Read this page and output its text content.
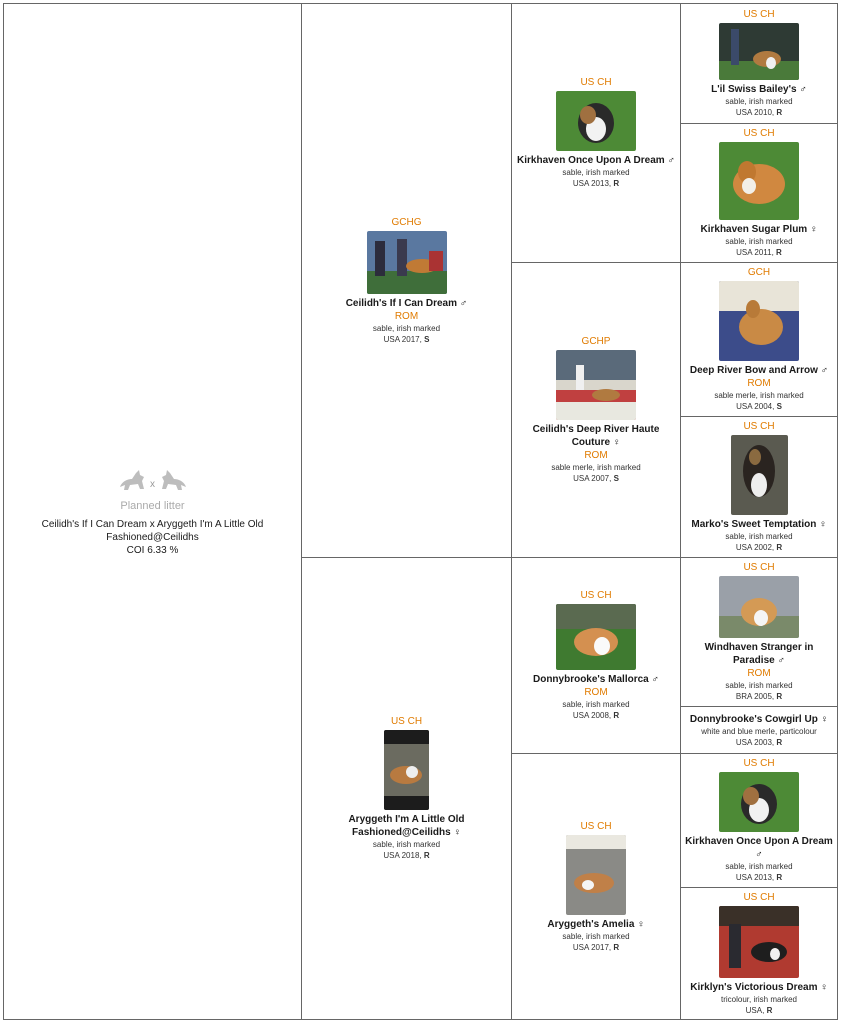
x
Planned litter
Ceilidh's If I Can Dream x Aryggeth I'm A Little Old Fashioned@Ceilidhs
COI 6.33 %
GCHG
Ceilidh's If I Can Dream ♂
ROM
sable, irish marked
USA 2017, S
US CH
Aryggeth I'm A Little Old Fashioned@Ceilidhs ♀
sable, irish marked
USA 2018, R
US CH
Kirkhaven Once Upon A Dream ♂
sable, irish marked
USA 2013, R
GCHP
Ceilidh's Deep River Haute Couture ♀
ROM
sable merle, irish marked
USA 2007, S
US CH
Donnybrooke's Mallorca ♂
ROM
sable, irish marked
USA 2008, R
US CH
Aryggeth's Amelia ♀
sable, irish marked
USA 2017, R
US CH
L'il Swiss Bailey's ♂
sable, irish marked
USA 2010, R
US CH
Kirkhaven Sugar Plum ♀
sable, irish marked
USA 2011, R
GCH
Deep River Bow and Arrow ♂
ROM
sable merle, irish marked
USA 2004, S
US CH
Marko's Sweet Temptation ♀
sable, irish marked
USA 2002, R
US CH
Windhaven Stranger in Paradise ♂
ROM
sable, irish marked
BRA 2005, R
Donnybrooke's Cowgirl Up ♀
white and blue merle, particolour
USA 2003, R
US CH
Kirkhaven Once Upon A Dream ♂
sable, irish marked
USA 2013, R
US CH
Kirklyn's Victorious Dream ♀
tricolour, irish marked
USA, R
